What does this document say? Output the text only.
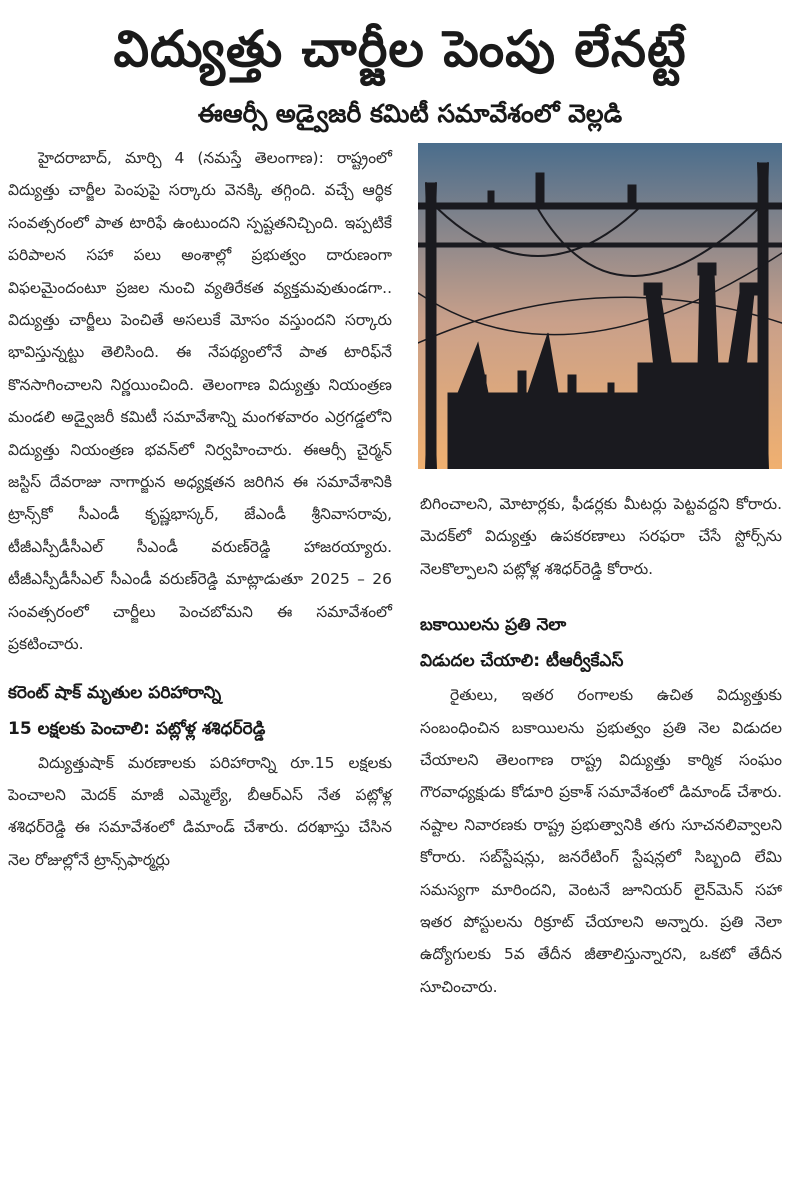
విద్యుత్తు చార్జీల పెంపు లేనట్టే
ఈఆర్సీ అడ్వైజరీ కమిటీ సమావేశంలో వెల్లడి

హైదరాబాద్, మార్చి 4 (నమస్తే తెలంగాణ): రాష్ట్రంలో విద్యుత్తు చార్జీల పెంపుపై సర్కారు వెనక్కి తగ్గింది. వచ్చే ఆర్థిక సంవత్సరంలో పాత టారిఫే ఉంటుందని స్పష్టతనిచ్చింది. ఇప్పటికే పరిపాలన సహా పలు అంశాల్లో ప్రభుత్వం దారుణంగా విఫలమైందంటూ ప్రజల నుంచి వ్యతిరేకత వ్యక్తమవుతుండగా.. విద్యుత్తు చార్జీలు పెంచితే అసలుకే మోసం వస్తుందని సర్కారు భావిస్తున్నట్టు తెలిసింది. ఈ నేపథ్యంలోనే పాత టారిఫ్‌నే కొనసాగించాలని నిర్ణయించింది. తెలంగాణ విద్యుత్తు నియంత్రణ మండలి అడ్వైజరీ కమిటీ సమావేశాన్ని మంగళవారం ఎర్రగడ్డలోని విద్యుత్తు నియంత్రణ భవన్‌లో నిర్వహించారు. ఈఆర్సీ చైర్మన్ జస్టిస్ దేవరాజు నాగార్జున అధ్యక్షతన జరిగిన ఈ సమావేశానికి ట్రాన్స్‌కో సీఎండీ కృష్ణభాస్కర్, జేఎండీ శ్రీనివాసరావు, టీజీఎస్పీడీసీఎల్ సీఎండీ వరుణ్‌రెడ్డి హాజరయ్యారు. టీజీఎస్పీడీసీఎల్ సీఎండీ వరుణ్‌రెడ్డి మాట్లాడుతూ 2025 – 26 సంవత్సరంలో చార్జీలు పెంచబోమని ఈ సమావేశంలో ప్రకటించారు.

కరెంట్ షాక్ మృతుల పరిహారాన్ని

15 లక్షలకు పెంచాలి: పట్లోళ్ల శశిధర్‌రెడ్డి

విద్యుత్తుషాక్ మరణాలకు పరిహారాన్ని రూ.15 లక్షలకు పెంచాలని మెదక్ మాజీ ఎమ్మెల్యే, బీఆర్ఎస్ నేత పట్లోళ్ల శశిధర్‌రెడ్డి ఈ సమావేశంలో డిమాండ్ చేశారు. దరఖాస్తు చేసిన నెల రోజుల్లోనే ట్రాన్స్‌ఫార్మర్లు

బిగించాలని, మోటార్లకు, ఫీడర్లకు మీటర్లు పెట్టవద్దని కోరారు. మెదక్‌లో విద్యుత్తు ఉపకరణాలు సరఫరా చేసే స్టోర్స్‌ను నెలకొల్పాలని పట్లోళ్ల శశిధర్‌రెడ్డి కోరారు.

బకాయిలను ప్రతి నెలా

విడుదల చేయాలి: టీఆర్వీకేఎస్

రైతులు, ఇతర రంగాలకు ఉచిత విద్యుత్తుకు సంబంధించిన బకాయిలను ప్రభుత్వం ప్రతి నెల విడుదల చేయాలని తెలంగాణ రాష్ట్ర విద్యుత్తు కార్మిక సంఘం గౌరవాధ్యక్షుడు కోడూరి ప్రకాశ్ సమావేశంలో డిమాండ్ చేశారు. నష్టాల నివారణకు రాష్ట్ర ప్రభుత్వానికి తగు సూచనలివ్వాలని కోరారు. సబ్‌స్టేషన్లు, జనరేటింగ్ స్టేషన్లలో సిబ్బంది లేమి సమస్యగా మారిందని, వెంటనే జూనియర్ లైన్‌మెన్ సహా ఇతర పోస్టులను రిక్రూట్ చేయాలని అన్నారు. ప్రతి నెలా ఉద్యోగులకు 5వ తేదీన జీతాలిస్తున్నారని, ఒకటో తేదీన సూచించారు.
